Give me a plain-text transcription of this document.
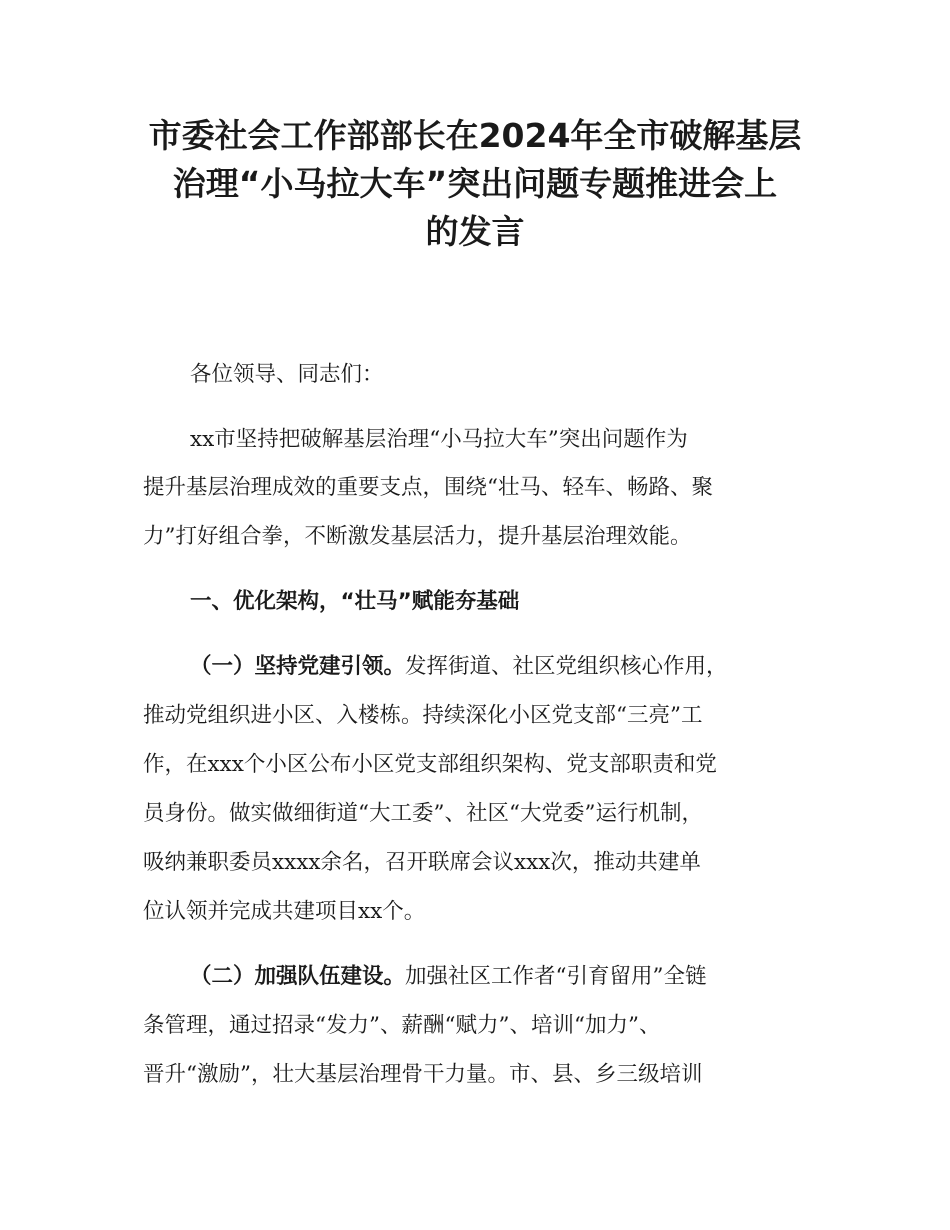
市委社会工作部部长在2024年全市破解基层
治理“小马拉大车”突出问题专题推进会上
的发言
各位领导、同志们：
xx市坚持把破解基层治理“小马拉大车”突出问题作为
提升基层治理成效的重要支点，围绕“壮马、轻车、畅路、聚
力”打好组合拳，不断激发基层活力，提升基层治理效能。
一、优化架构，“壮马”赋能夯基础
（一）坚持党建引领。发挥街道、社区党组织核心作用，
推动党组织进小区、入楼栋。持续深化小区党支部“三亮”工
作，在xxx个小区公布小区党支部组织架构、党支部职责和党
员身份。做实做细街道“大工委”、社区“大党委”运行机制，
吸纳兼职委员xxxx余名，召开联席会议xxx次，推动共建单
位认领并完成共建项目xx个。
（二）加强队伍建设。加强社区工作者“引育留用”全链
条管理，通过招录“发力”、薪酬“赋力”、培训“加力”、
晋升“激励”，壮大基层治理骨干力量。市、县、乡三级培训
